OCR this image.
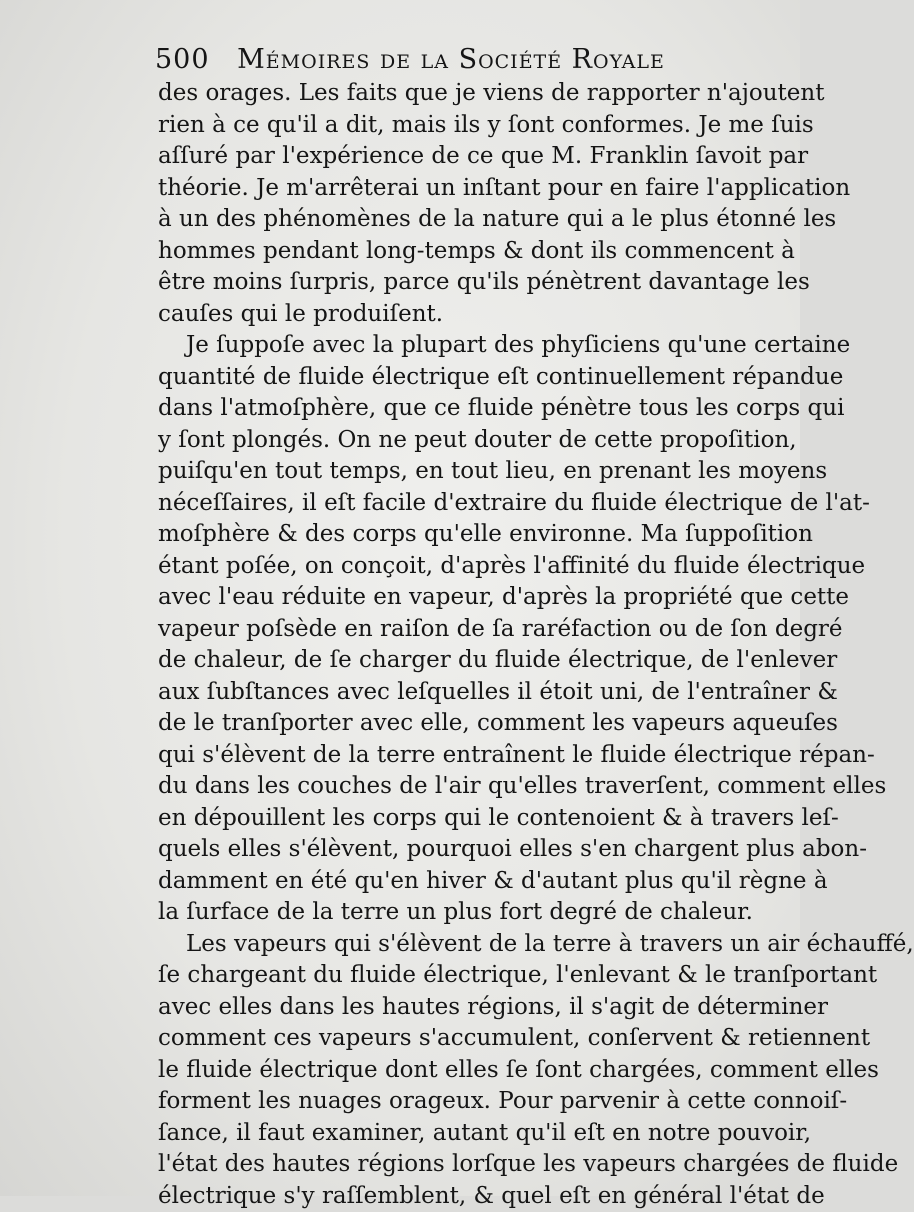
500 Mémoires de la Société Royale
des orages. Les faits que je viens de rapporter n'ajoutent
rien à ce qu'il a dit, mais ils y ſont conformes. Je me ſuis
aſſuré par l'expérience de ce que M. Franklin ſavoit par
théorie. Je m'arrêterai un inſtant pour en faire l'application
à un des phénomènes de la nature qui a le plus étonné les
hommes pendant long-temps & dont ils commencent à
être moins ſurpris, parce qu'ils pénètrent davantage les
cauſes qui le produiſent.
Je ſuppoſe avec la plupart des phyſiciens qu'une certaine
quantité de fluide électrique eſt continuellement répandue
dans l'atmoſphère, que ce fluide pénètre tous les corps qui
y ſont plongés. On ne peut douter de cette propoſition,
puiſqu'en tout temps, en tout lieu, en prenant les moyens
néceſſaires, il eſt facile d'extraire du fluide électrique de l'at-
moſphère & des corps qu'elle environne. Ma ſuppoſition
étant poſée, on conçoit, d'après l'affinité du fluide électrique
avec l'eau réduite en vapeur, d'après la propriété que cette
vapeur poſsède en raiſon de ſa raréfaction ou de ſon degré
de chaleur, de ſe charger du fluide électrique, de l'enlever
aux ſubſtances avec leſquelles il étoit uni, de l'entraîner &
de le tranſporter avec elle, comment les vapeurs aqueuſes
qui s'élèvent de la terre entraînent le fluide électrique répan-
du dans les couches de l'air qu'elles traverſent, comment elles
en dépouillent les corps qui le contenoient & à travers leſ-
quels elles s'élèvent, pourquoi elles s'en chargent plus abon-
damment en été qu'en hiver & d'autant plus qu'il règne à
la ſurface de la terre un plus fort degré de chaleur.
Les vapeurs qui s'élèvent de la terre à travers un air échauffé,
ſe chargeant du fluide électrique, l'enlevant & le tranſportant
avec elles dans les hautes régions, il s'agit de déterminer
comment ces vapeurs s'accumulent, conſervent & retiennent
le fluide électrique dont elles ſe ſont chargées, comment elles
forment les nuages orageux. Pour parvenir à cette connoiſ-
ſance, il faut examiner, autant qu'il eſt en notre pouvoir,
l'état des hautes régions lorſque les vapeurs chargées de fluide
électrique s'y raſſemblent, & quel eſt en général l'état de
